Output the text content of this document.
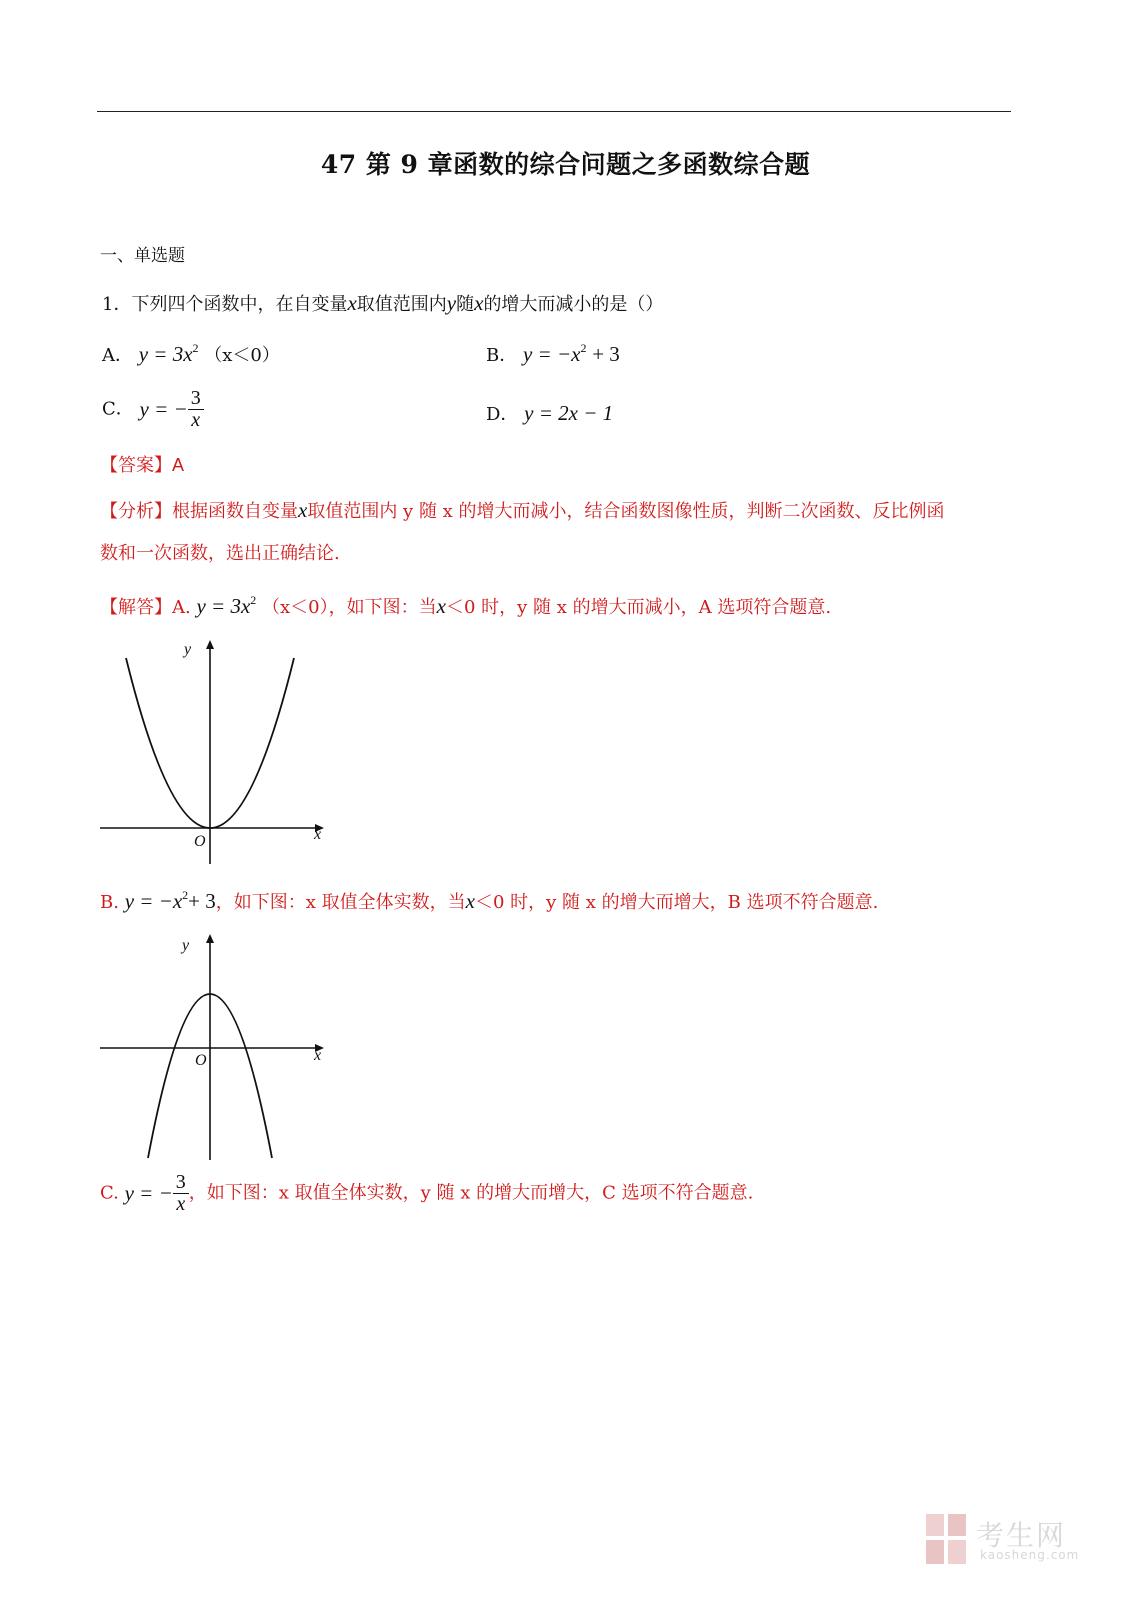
47 第 9 章函数的综合问题之多函数综合题
一、单选题
1．下列四个函数中，在自变量x取值范围内y随x的增大而减小的是（）
A． $y = 3x^2$ （x＜0）	B． $y = -x^2 + 3$
C． y = − $\frac{3}{x}$	D． y = 2x − 1
【答案】A
【分析】根据函数自变量x取值范围内 y 随 x 的增大而减小，结合函数图像性质，判断二次函数、反比例函
数和一次函数，选出正确结论.
【解答】A. $y = 3x^2$ （x＜0），如下图：当x＜0 时，y 随 x 的增大而减小，A 选项符合题意.
y
x
O
B. $y = -x^2+ 3$，如下图：x 取值全体实数，当x＜0 时，y 随 x 的增大而增大，B 选项不符合题意.
y
x
O
C. y = − $\frac{3}{x}$ ，如下图：x 取值全体实数，y 随 x 的增大而增大，C 选项不符合题意.
考生网
kaosheng.com
